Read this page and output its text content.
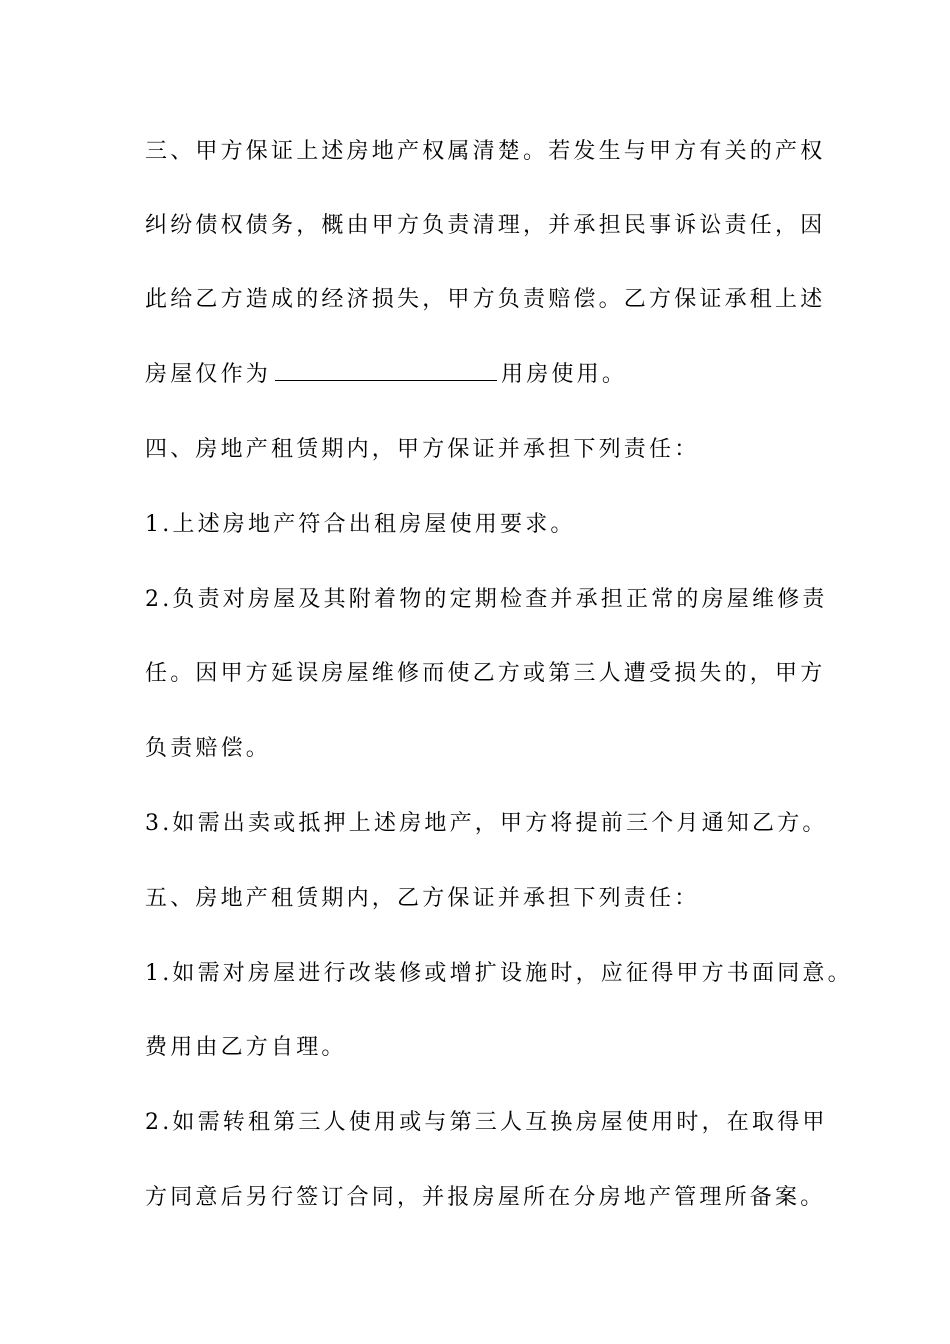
三、甲方保证上述房地产权属清楚。若发生与甲方有关的产权
纠纷债权债务，概由甲方负责清理，并承担民事诉讼责任，因
此给乙方造成的经济损失，甲方负责赔偿。乙方保证承租上述
房屋仅作为	用房使用。
四、房地产租赁期内，甲方保证并承担下列责任：
1.上述房地产符合出租房屋使用要求。
2.负责对房屋及其附着物的定期检查并承担正常的房屋维修责
任。因甲方延误房屋维修而使乙方或第三人遭受损失的，甲方
负责赔偿。
3.如需出卖或抵押上述房地产，甲方将提前三个月通知乙方。
五、房地产租赁期内，乙方保证并承担下列责任：
1.如需对房屋进行改装修或增扩设施时，应征得甲方书面同意。
费用由乙方自理。
2.如需转租第三人使用或与第三人互换房屋使用时，在取得甲
方同意后另行签订合同，并报房屋所在分房地产管理所备案。
